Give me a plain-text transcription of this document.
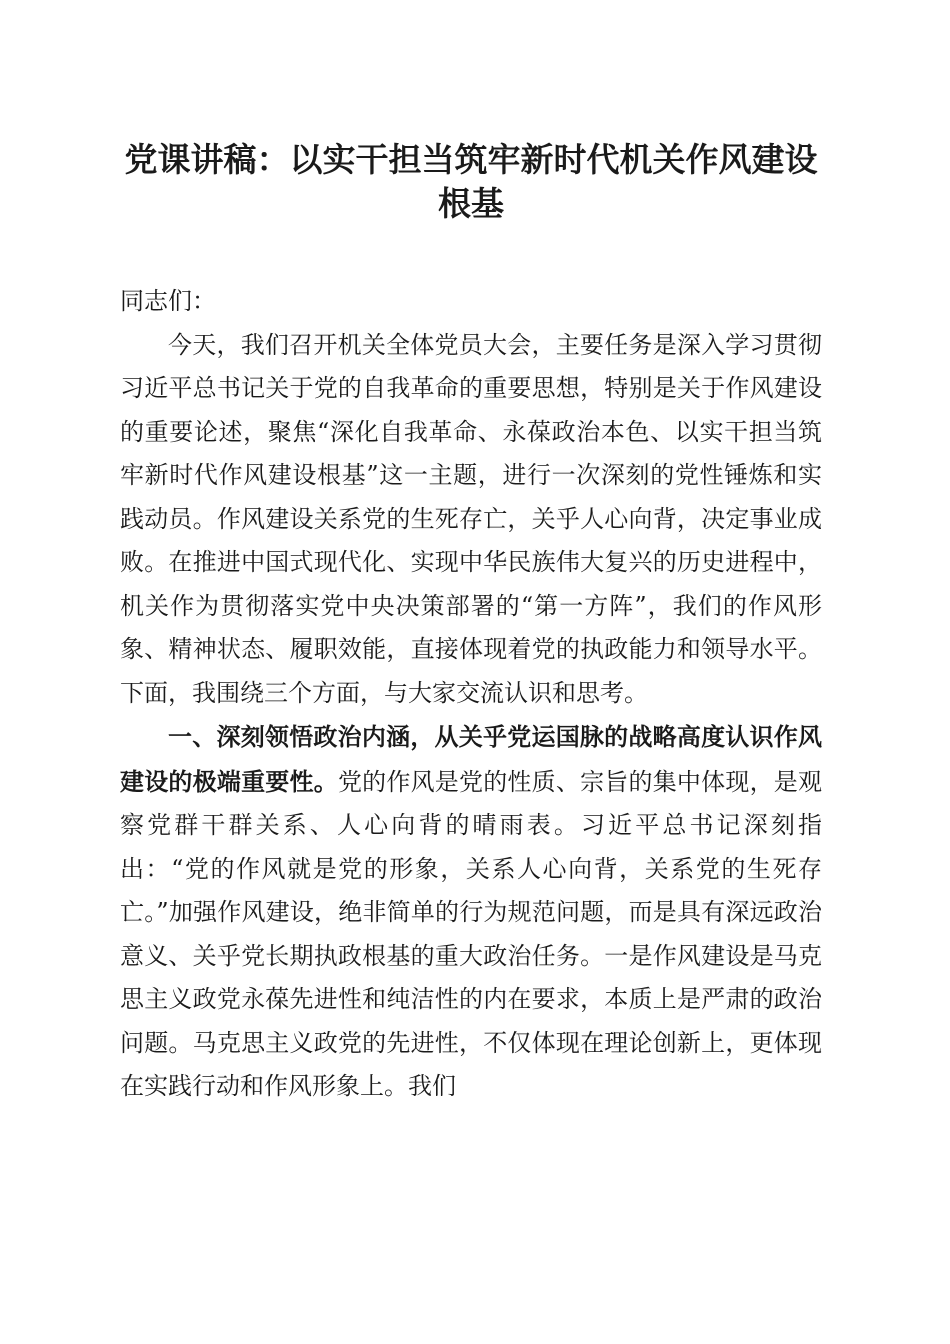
党课讲稿：以实干担当筑牢新时代机关作风建设根基

同志们：

今天，我们召开机关全体党员大会，主要任务是深入学习贯彻习近平总书记关于党的自我革命的重要思想，特别是关于作风建设的重要论述，聚焦“深化自我革命、永葆政治本色、以实干担当筑牢新时代作风建设根基”这一主题，进行一次深刻的党性锤炼和实践动员。作风建设关系党的生死存亡，关乎人心向背，决定事业成败。在推进中国式现代化、实现中华民族伟大复兴的历史进程中，机关作为贯彻落实党中央决策部署的“第一方阵”，我们的作风形象、精神状态、履职效能，直接体现着党的执政能力和领导水平。下面，我围绕三个方面，与大家交流认识和思考。

一、深刻领悟政治内涵，从关乎党运国脉的战略高度认识作风建设的极端重要性。党的作风是党的性质、宗旨的集中体现，是观察党群干群关系、人心向背的晴雨表。习近平总书记深刻指出：“党的作风就是党的形象，关系人心向背，关系党的生死存亡。”加强作风建设，绝非简单的行为规范问题，而是具有深远政治意义、关乎党长期执政根基的重大政治任务。一是作风建设是马克思主义政党永葆先进性和纯洁性的内在要求，本质上是严肃的政治问题。马克思主义政党的先进性，不仅体现在理论创新上，更体现在实践行动和作风形象上。我们
